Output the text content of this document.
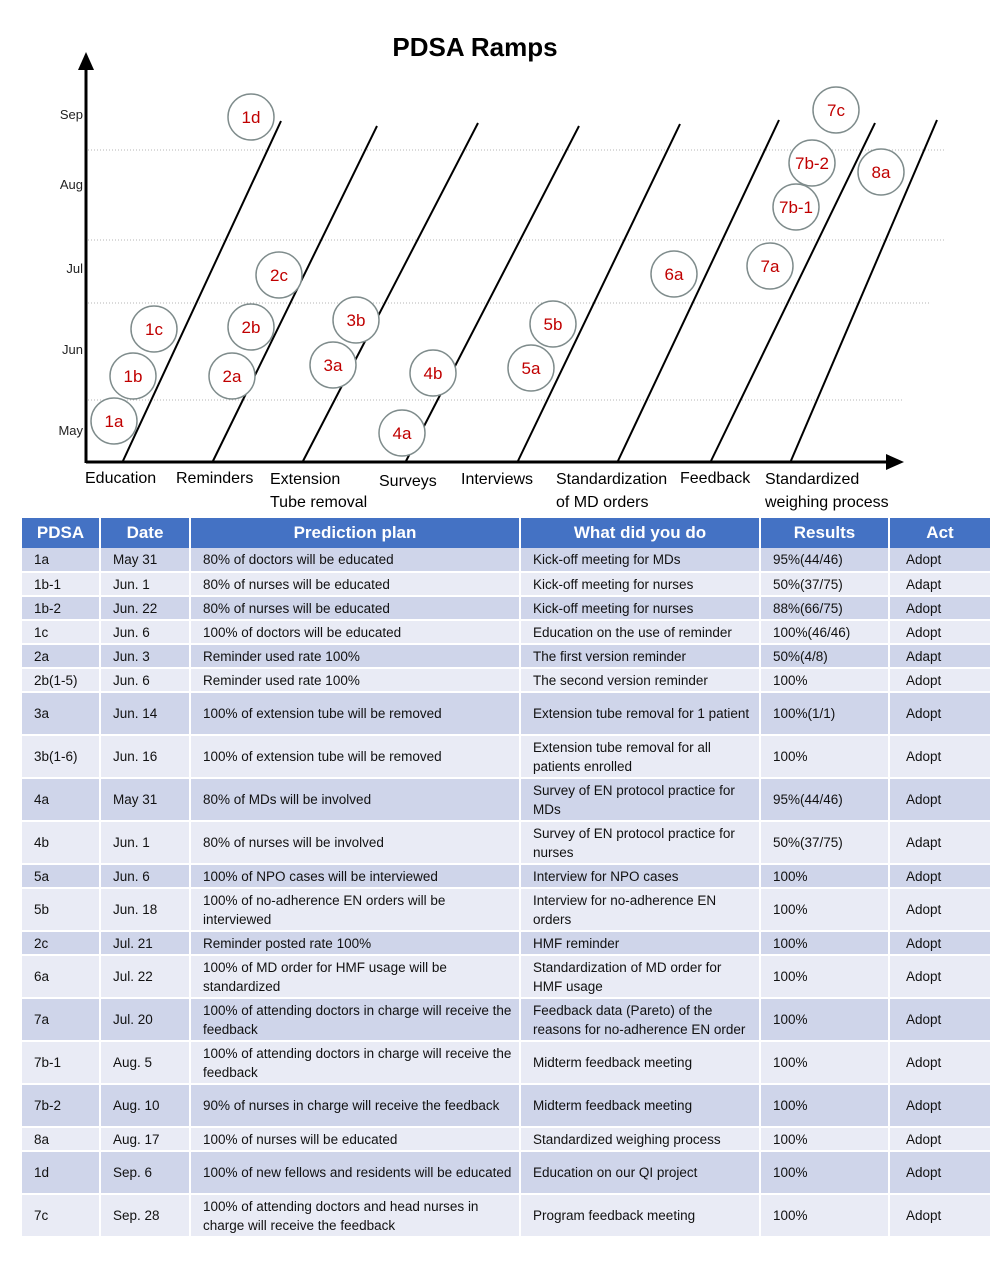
PDSA Ramps
1a
1b
1c
1d
2a
2b
2c
3a
3b
4a
4b	5a
5b
6a	7a
7b-1
7b-2
7c
8a
May
Jun
Jul
Aug
Sep
Education Reminders Extension
Tube removal
Surveys Interviews Standardization
of MD orders
Feedback Standardized
weighing process
PDSA	Date	Prediction plan	What did you do	Results	Act
1a	May 31	80% of doctors will be educated	Kick-off meeting for MDs	95%(44/46)	Adopt
1b-1	Jun. 1	80% of nurses will be educated	Kick-off meeting for nurses	50%(37/75)	Adapt
1b-2	Jun. 22	80% of nurses will be educated	Kick-off meeting for nurses	88%(66/75)	Adopt
1c	Jun. 6	100% of doctors will be educated	Education on the use of reminder	100%(46/46)	Adopt
2a	Jun. 3	Reminder used rate 100%	The first version reminder	50%(4/8)	Adapt
2b(1-5)	Jun. 6	Reminder used rate 100%	The second version reminder	100%	Adopt
3a	Jun. 14	100% of extension tube will be removed	Extension tube removal for 1 patient	100%(1/1)	Adopt
3b(1-6)	Jun. 16	100% of extension tube will be removed	Extension tube removal for all patients enrolled	100%	Adopt
4a	May 31	80% of MDs will be involved	Survey of EN protocol practice for MDs	95%(44/46)	Adopt
4b	Jun. 1	80% of nurses will be involved	Survey of EN protocol practice for nurses	50%(37/75)	Adapt
5a	Jun. 6	100% of NPO cases will be interviewed	Interview for NPO cases	100%	Adopt
5b	Jun. 18	100% of no-adherence EN orders will be interviewed	Interview for no-adherence EN orders	100%	Adopt
2c	Jul. 21	Reminder posted rate 100%	HMF reminder	100%	Adopt
6a	Jul. 22	100% of MD order for HMF usage will be standardized	Standardization of MD order for HMF usage	100%	Adopt
7a	Jul. 20	100% of attending doctors in charge will receive the feedback	Feedback data (Pareto) of the reasons for no-adherence EN order	100%	Adopt
7b-1	Aug. 5	100% of attending doctors in charge will receive the feedback	Midterm feedback meeting	100%	Adopt
7b-2	Aug. 10	90% of nurses in charge will receive the feedback	Midterm feedback meeting	100%	Adopt
8a	Aug. 17	100% of nurses will be educated	Standardized weighing process	100%	Adopt
1d	Sep. 6	100% of new fellows and residents will be educated	Education on our QI project	100%	Adopt
7c	Sep. 28	100% of attending doctors and head nurses in charge will receive the feedback	Program feedback meeting	100%	Adopt
